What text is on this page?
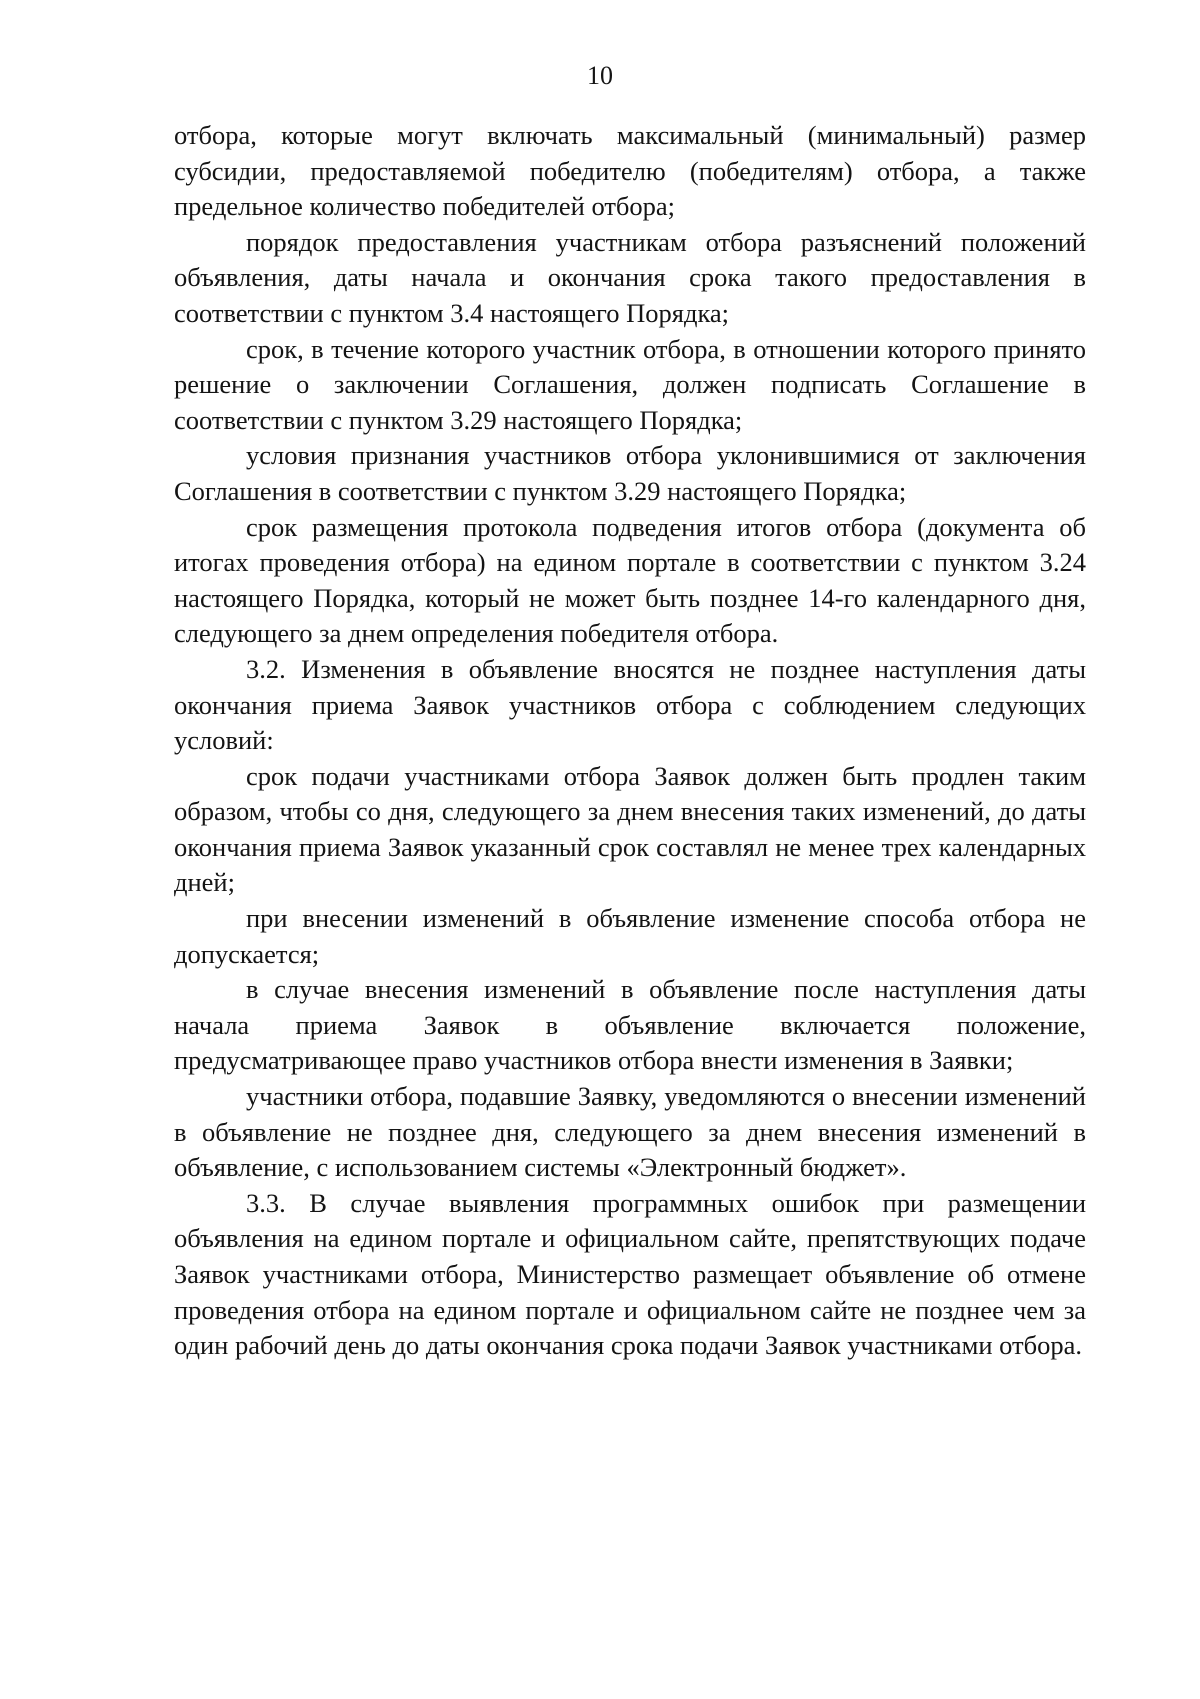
10

отбора, которые могут включать максимальный (минимальный) размер субсидии, предоставляемой победителю (победителям) отбора, а также предельное количество победителей отбора;

порядок предоставления участникам отбора разъяснений положений объявления, даты начала и окончания срока такого предоставления в соответствии с пунктом 3.4 настоящего Порядка;

срок, в течение которого участник отбора, в отношении которого принято решение о заключении Соглашения, должен подписать Соглашение в соответствии с пунктом 3.29 настоящего Порядка;

условия признания участников отбора уклонившимися от заключения Соглашения в соответствии с пунктом 3.29 настоящего Порядка;

срок размещения протокола подведения итогов отбора (документа об итогах проведения отбора) на едином портале в соответствии с пунктом 3.24 настоящего Порядка, который не может быть позднее 14-го календарного дня, следующего за днем определения победителя отбора.

3.2. Изменения в объявление вносятся не позднее наступления даты окончания приема Заявок участников отбора с соблюдением следующих условий:

срок подачи участниками отбора Заявок должен быть продлен таким образом, чтобы со дня, следующего за днем внесения таких изменений, до даты окончания приема Заявок указанный срок составлял не менее трех календарных дней;

при внесении изменений в объявление изменение способа отбора не допускается;

в случае внесения изменений в объявление после наступления даты начала приема Заявок в объявление включается положение, предусматривающее право участников отбора внести изменения в Заявки;

участники отбора, подавшие Заявку, уведомляются о внесении изменений в объявление не позднее дня, следующего за днем внесения изменений в объявление, с использованием системы «Электронный бюджет».

3.3. В случае выявления программных ошибок при размещении объявления на едином портале и официальном сайте, препятствующих подаче Заявок участниками отбора, Министерство размещает объявление об отмене проведения отбора на едином портале и официальном сайте не позднее чем за один рабочий день до даты окончания срока подачи Заявок участниками отбора.
